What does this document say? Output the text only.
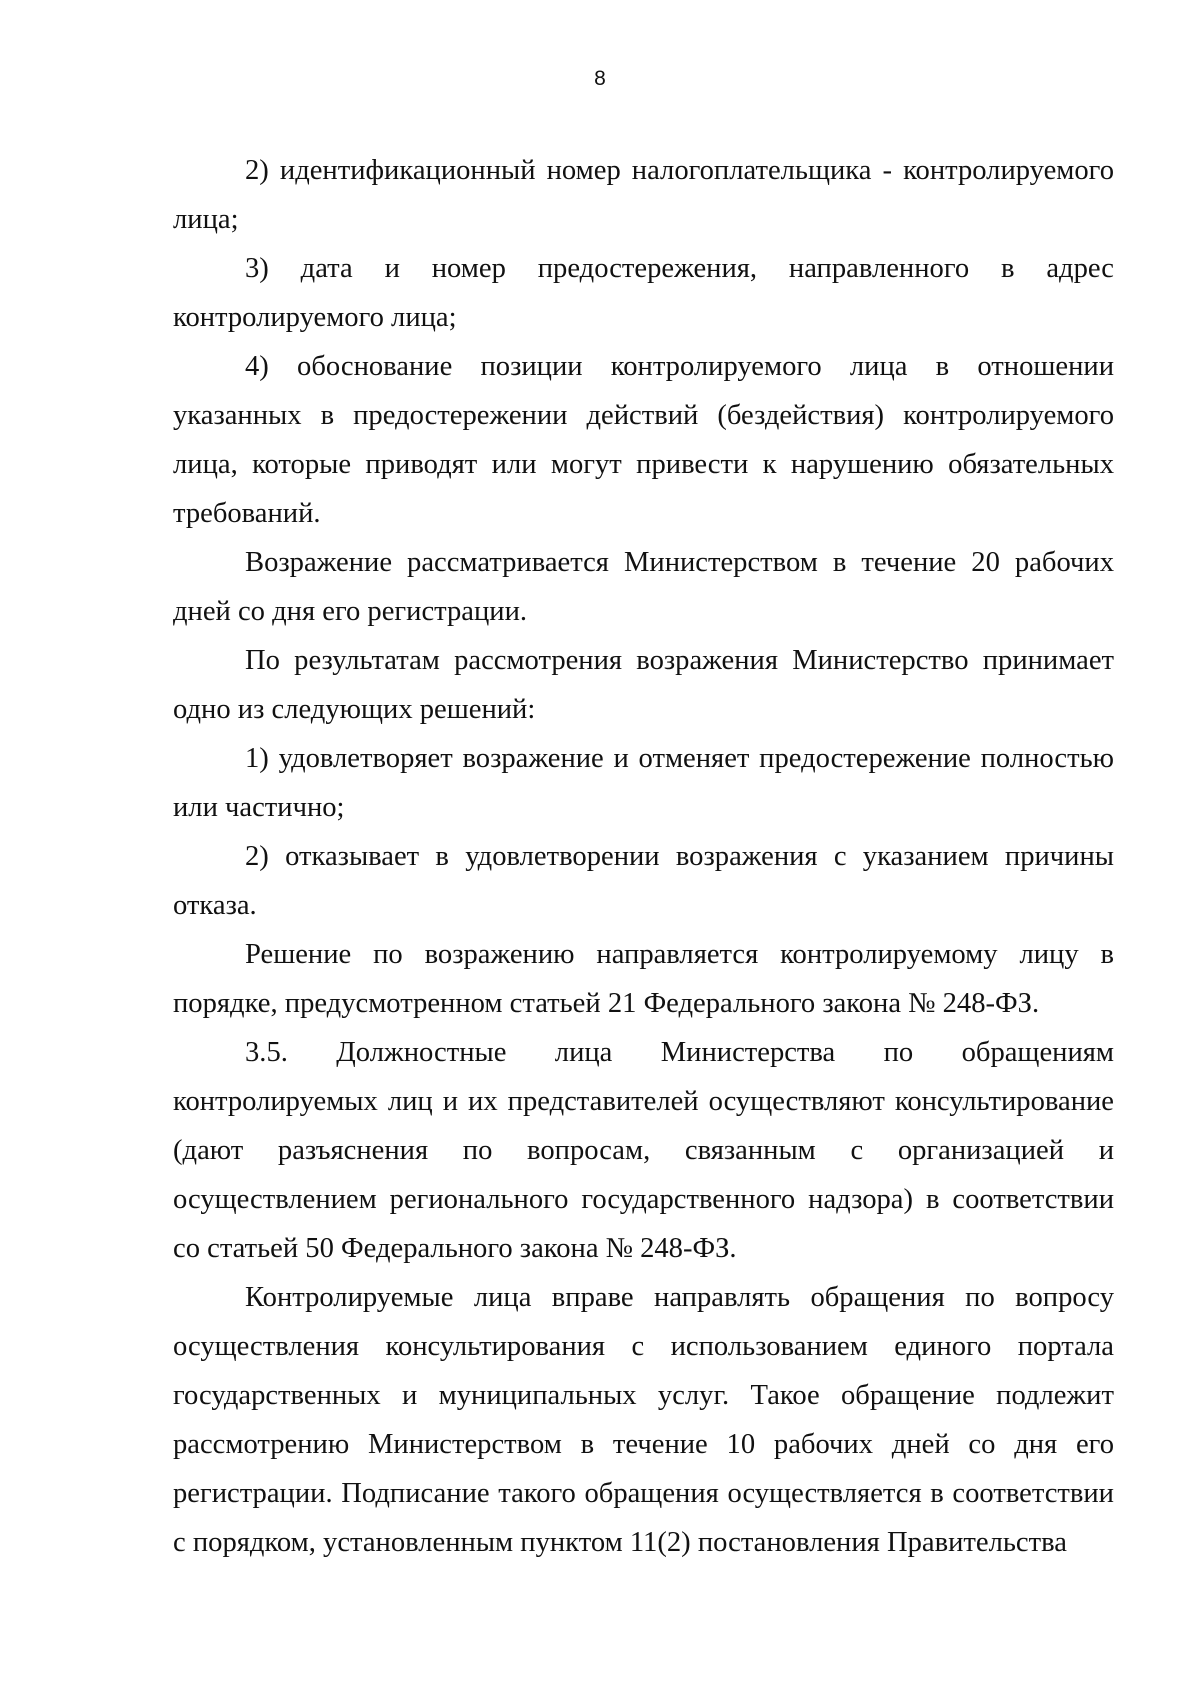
8

2) идентификационный номер налогоплательщика - контролируемого лица;

3) дата и номер предостережения, направленного в адрес контролируемого лица;

4) обоснование позиции контролируемого лица в отношении указанных в предостережении действий (бездействия) контролируемого лица, которые приводят или могут привести к нарушению обязательных требований.

Возражение рассматривается Министерством в течение 20 рабочих дней со дня его регистрации.

По результатам рассмотрения возражения Министерство принимает одно из следующих решений:

1) удовлетворяет возражение и отменяет предостережение полностью или частично;

2) отказывает в удовлетворении возражения с указанием причины отказа.

Решение по возражению направляется контролируемому лицу в порядке, предусмотренном статьей 21 Федерального закона № 248-ФЗ.

3.5. Должностные лица Министерства по обращениям контролируемых лиц и их представителей осуществляют консультирование (дают разъяснения по вопросам, связанным с организацией и осуществлением регионального государственного надзора) в соответствии со статьей 50 Федерального закона № 248-ФЗ.

Контролируемые лица вправе направлять обращения по вопросу осуществления консультирования с использованием единого портала государственных и муниципальных услуг. Такое обращение подлежит рассмотрению Министерством в течение 10 рабочих дней со дня его регистрации. Подписание такого обращения осуществляется в соответствии с порядком, установленным пунктом 11(2) постановления Правительства
